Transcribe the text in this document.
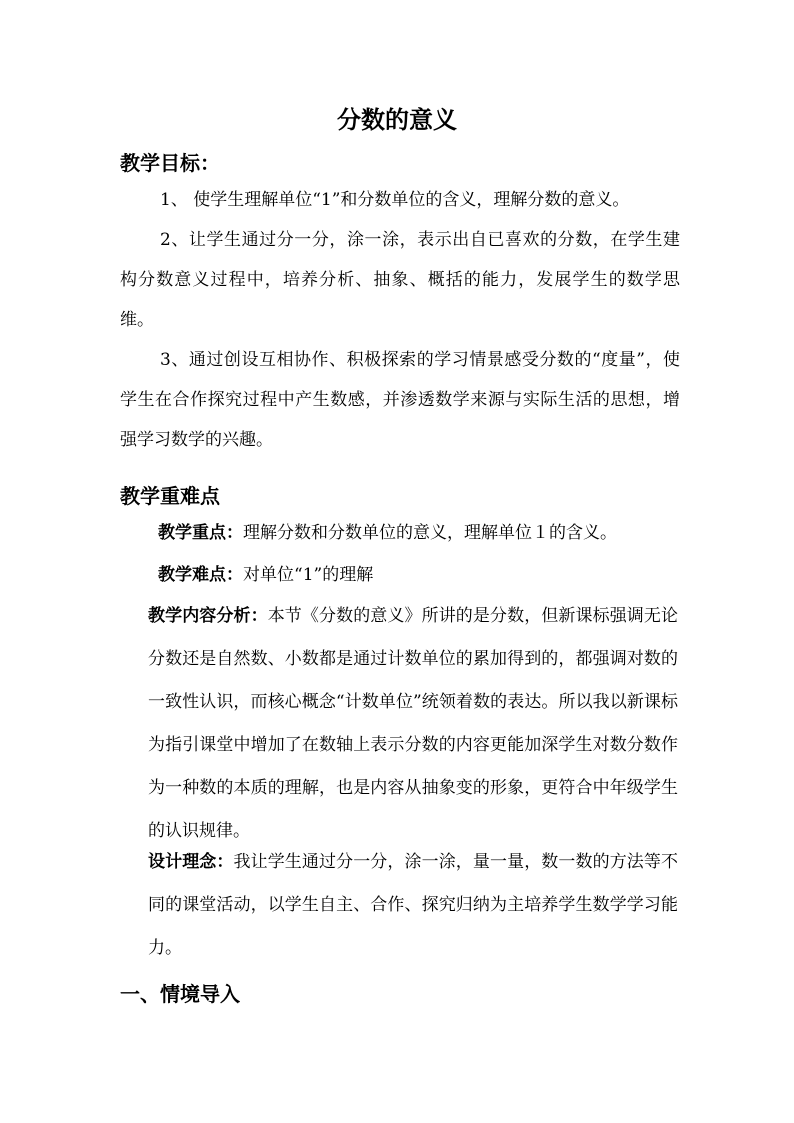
分数的意义
教学目标：
1、 使学生理解单位“1”和分数单位的含义，理解分数的意义。
2、让学生通过分一分，涂一涂，表示出自已喜欢的分数，在学生建构分数意义过程中，培养分析、抽象、概括的能力，发展学生的数学思维。
3、通过创设互相协作、积极探索的学习情景感受分数的“度量”，使学生在合作探究过程中产生数感，并渗透数学来源与实际生活的思想，增强学习数学的兴趣。
教学重难点
教学重点：理解分数和分数单位的意义，理解单位１的含义。
教学难点：对单位“1”的理解
教学内容分析：本节《分数的意义》所讲的是分数，但新课标强调无论分数还是自然数、小数都是通过计数单位的累加得到的，都强调对数的一致性认识，而核心概念“计数单位”统领着数的表达。所以我以新课标为指引课堂中增加了在数轴上表示分数的内容更能加深学生对数分数作为一种数的本质的理解，也是内容从抽象变的形象，更符合中年级学生的认识规律。
设计理念：我让学生通过分一分，涂一涂，量一量，数一数的方法等不同的课堂活动，以学生自主、合作、探究归纳为主培养学生数学学习能力。
一、情境导入
